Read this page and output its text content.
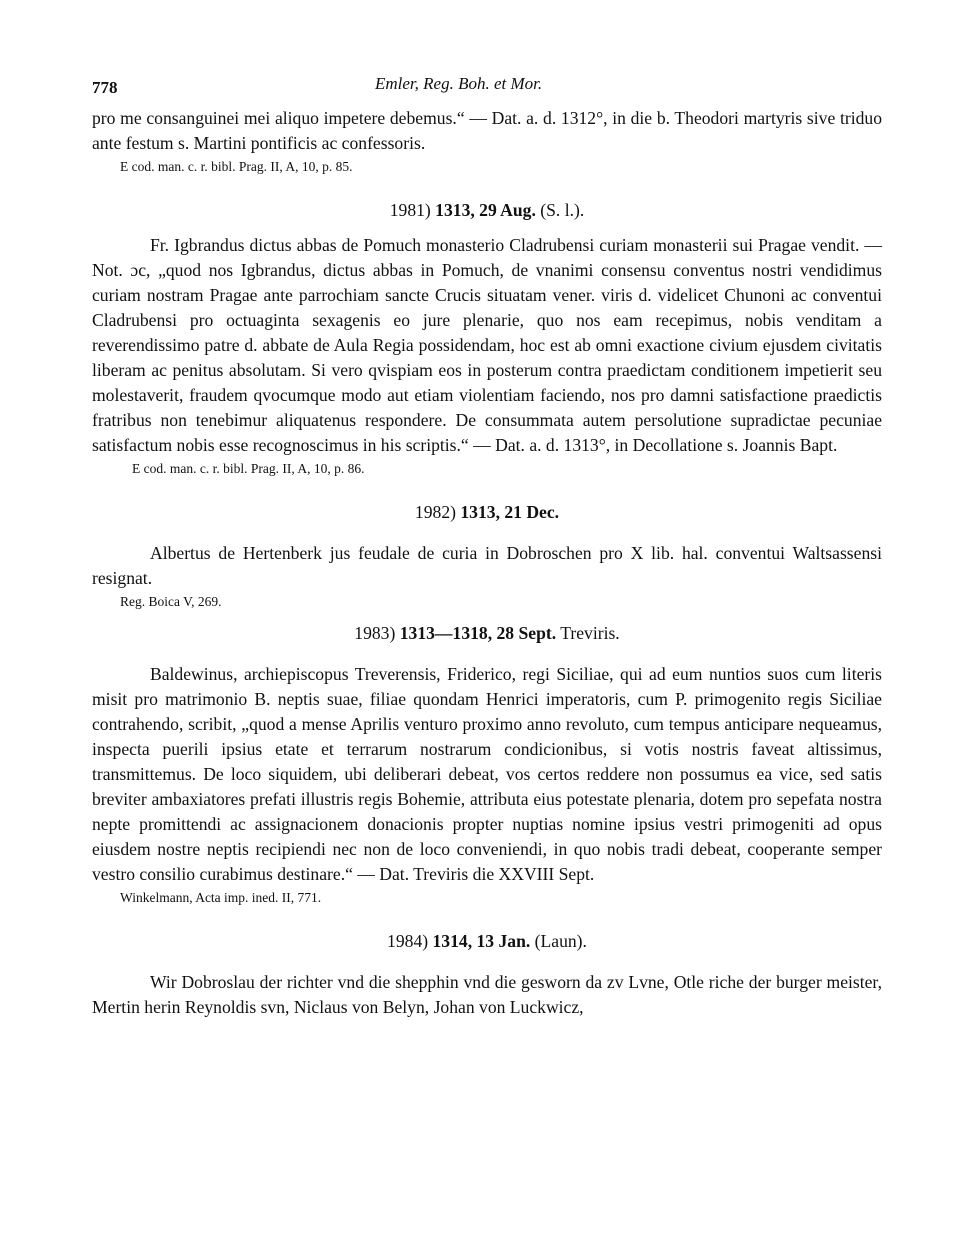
778	Emler, Reg. Boh. et Mor.

pro me consanguinei mei aliquo impetere debemus.“ — Dat. a. d. 1312°, in die b. Theodori martyris sive triduo ante festum s. Martini pontificis ac confessoris.

E cod. man. c. r. bibl. Prag. II, A, 10, p. 85.
1981) 1313, 29 Aug. (S. l.).

Fr. Igbrandus dictus abbas de Pomuch monasterio Cladrubensi curiam monasterii sui Pragae vendit. — Not. ɔc, „quod nos Igbrandus, dictus abbas in Pomuch, de vnanimi consensu conventus nostri vendidimus curiam nostram Pragae ante parrochiam sancte Crucis situatam vener. viris d. videlicet Chunoni ac conventui Cladrubensi pro octuaginta sexagenis eo jure plenarie, quo nos eam recepimus, nobis venditam a reverendissimo patre d. abbate de Aula Regia possidendam, hoc est ab omni exactione civium ejusdem civitatis liberam ac penitus absolutam. Si vero qvispiam eos in posterum contra praedictam conditionem impetierit seu molestaverit, fraudem qvocumque modo aut etiam violentiam faciendo, nos pro damni satisfactione praedictis fratribus non tenebimur aliquatenus respondere. De consummata autem persolutione supradictae pecuniae satisfactum nobis esse recognoscimus in his scriptis.“ — Dat. a. d. 1313°, in Decollatione s. Joannis Bapt.

E cod. man. c. r. bibl. Prag. II, A, 10, p. 86.
1982) 1313, 21 Dec.

Albertus de Hertenberk jus feudale de curia in Dobroschen pro X lib. hal. conventui Waltsassensi resignat.

Reg. Boica V, 269.
1983) 1313—1318, 28 Sept. Treviris.

Baldewinus, archiepiscopus Treverensis, Friderico, regi Siciliae, qui ad eum nuntios suos cum literis misit pro matrimonio B. neptis suae, filiae quondam Henrici imperatoris, cum P. primogenito regis Siciliae contrahendo, scribit, „quod a mense Aprilis venturo proximo anno revoluto, cum tempus anticipare nequeamus, inspecta puerili ipsius etate et terrarum nostrarum condicionibus, si votis nostris faveat altissimus, transmittemus. De loco siquidem, ubi deliberari debeat, vos certos reddere non possumus ea vice, sed satis breviter ambaxiatores prefati illustris regis Bohemie, attributa eius potestate plenaria, dotem pro sepefata nostra nepte promittendi ac assignacionem donacionis propter nuptias nomine ipsius vestri primogeniti ad opus eiusdem nostre neptis recipiendi nec non de loco conveniendi, in quo nobis tradi debeat, cooperante semper vestro consilio curabimus destinare.“ — Dat. Treviris die XXVIII Sept.

Winkelmann, Acta imp. ined. II, 771.
1984) 1314, 13 Jan. (Laun).

Wir Dobroslau der richter vnd die shepphin vnd die gesworn da zv Lvne, Otle riche der burger meister, Mertin herin Reynoldis svn, Niclaus von Belyn, Johan von Luckwicz,
